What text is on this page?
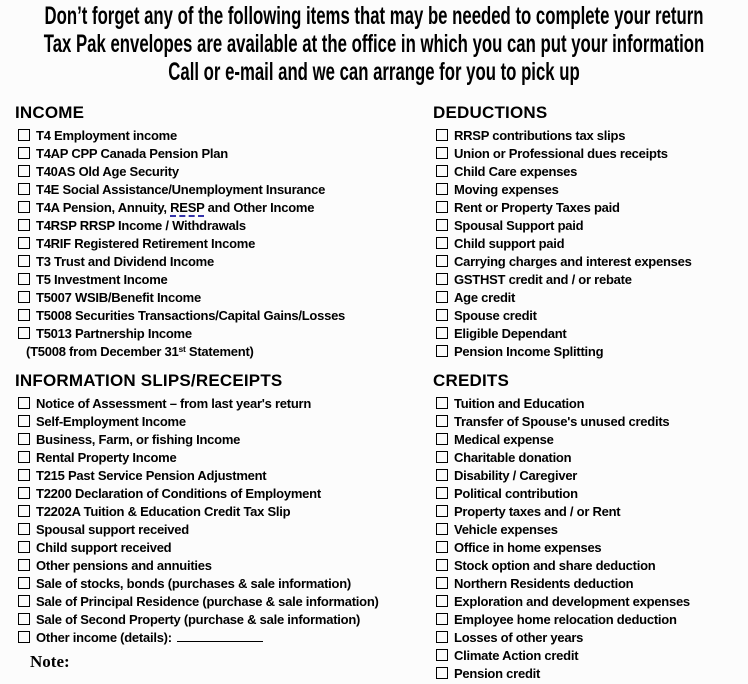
Don’t forget any of the following items that may be needed to complete your return
Tax Pak envelopes are available at the office in which you can put your information
Call or e-mail and we can arrange for you to pick up
INCOME
T4 Employment income
T4AP CPP Canada Pension Plan
T40AS Old Age Security
T4E Social Assistance/Unemployment Insurance
T4A Pension, Annuity, RESP and Other Income
T4RSP RRSP Income / Withdrawals
T4RIF Registered Retirement Income
T3 Trust and Dividend Income
T5 Investment Income
T5007 WSIB/Benefit Income
T5008 Securities Transactions/Capital Gains/Losses
T5013 Partnership Income
(T5008 from December 31st Statement)
DEDUCTIONS
RRSP contributions tax slips
Union or Professional dues receipts
Child Care expenses
Moving expenses
Rent or Property Taxes paid
Spousal Support paid
Child support paid
Carrying charges and interest expenses
GSTHST credit and / or rebate
Age credit
Spouse credit
Eligible Dependant
Pension Income Splitting
INFORMATION SLIPS/RECEIPTS
Notice of Assessment – from last year's return
Self-Employment Income
Business, Farm, or fishing Income
Rental Property Income
T215 Past Service Pension Adjustment
T2200 Declaration of Conditions of Employment
T2202A Tuition & Education Credit Tax Slip
Spousal support received
Child support received
Other pensions and annuities
Sale of stocks, bonds (purchases & sale information)
Sale of Principal Residence (purchase & sale information)
Sale of Second Property (purchase & sale information)
Other income (details):
CREDITS
Tuition and Education
Transfer of Spouse's unused credits
Medical expense
Charitable donation
Disability / Caregiver
Political contribution
Property taxes and / or Rent
Vehicle expenses
Office in home expenses
Stock option and share deduction
Northern Residents deduction
Exploration and development expenses
Employee home relocation deduction
Losses of other years
Climate Action credit
Pension credit
Note:
